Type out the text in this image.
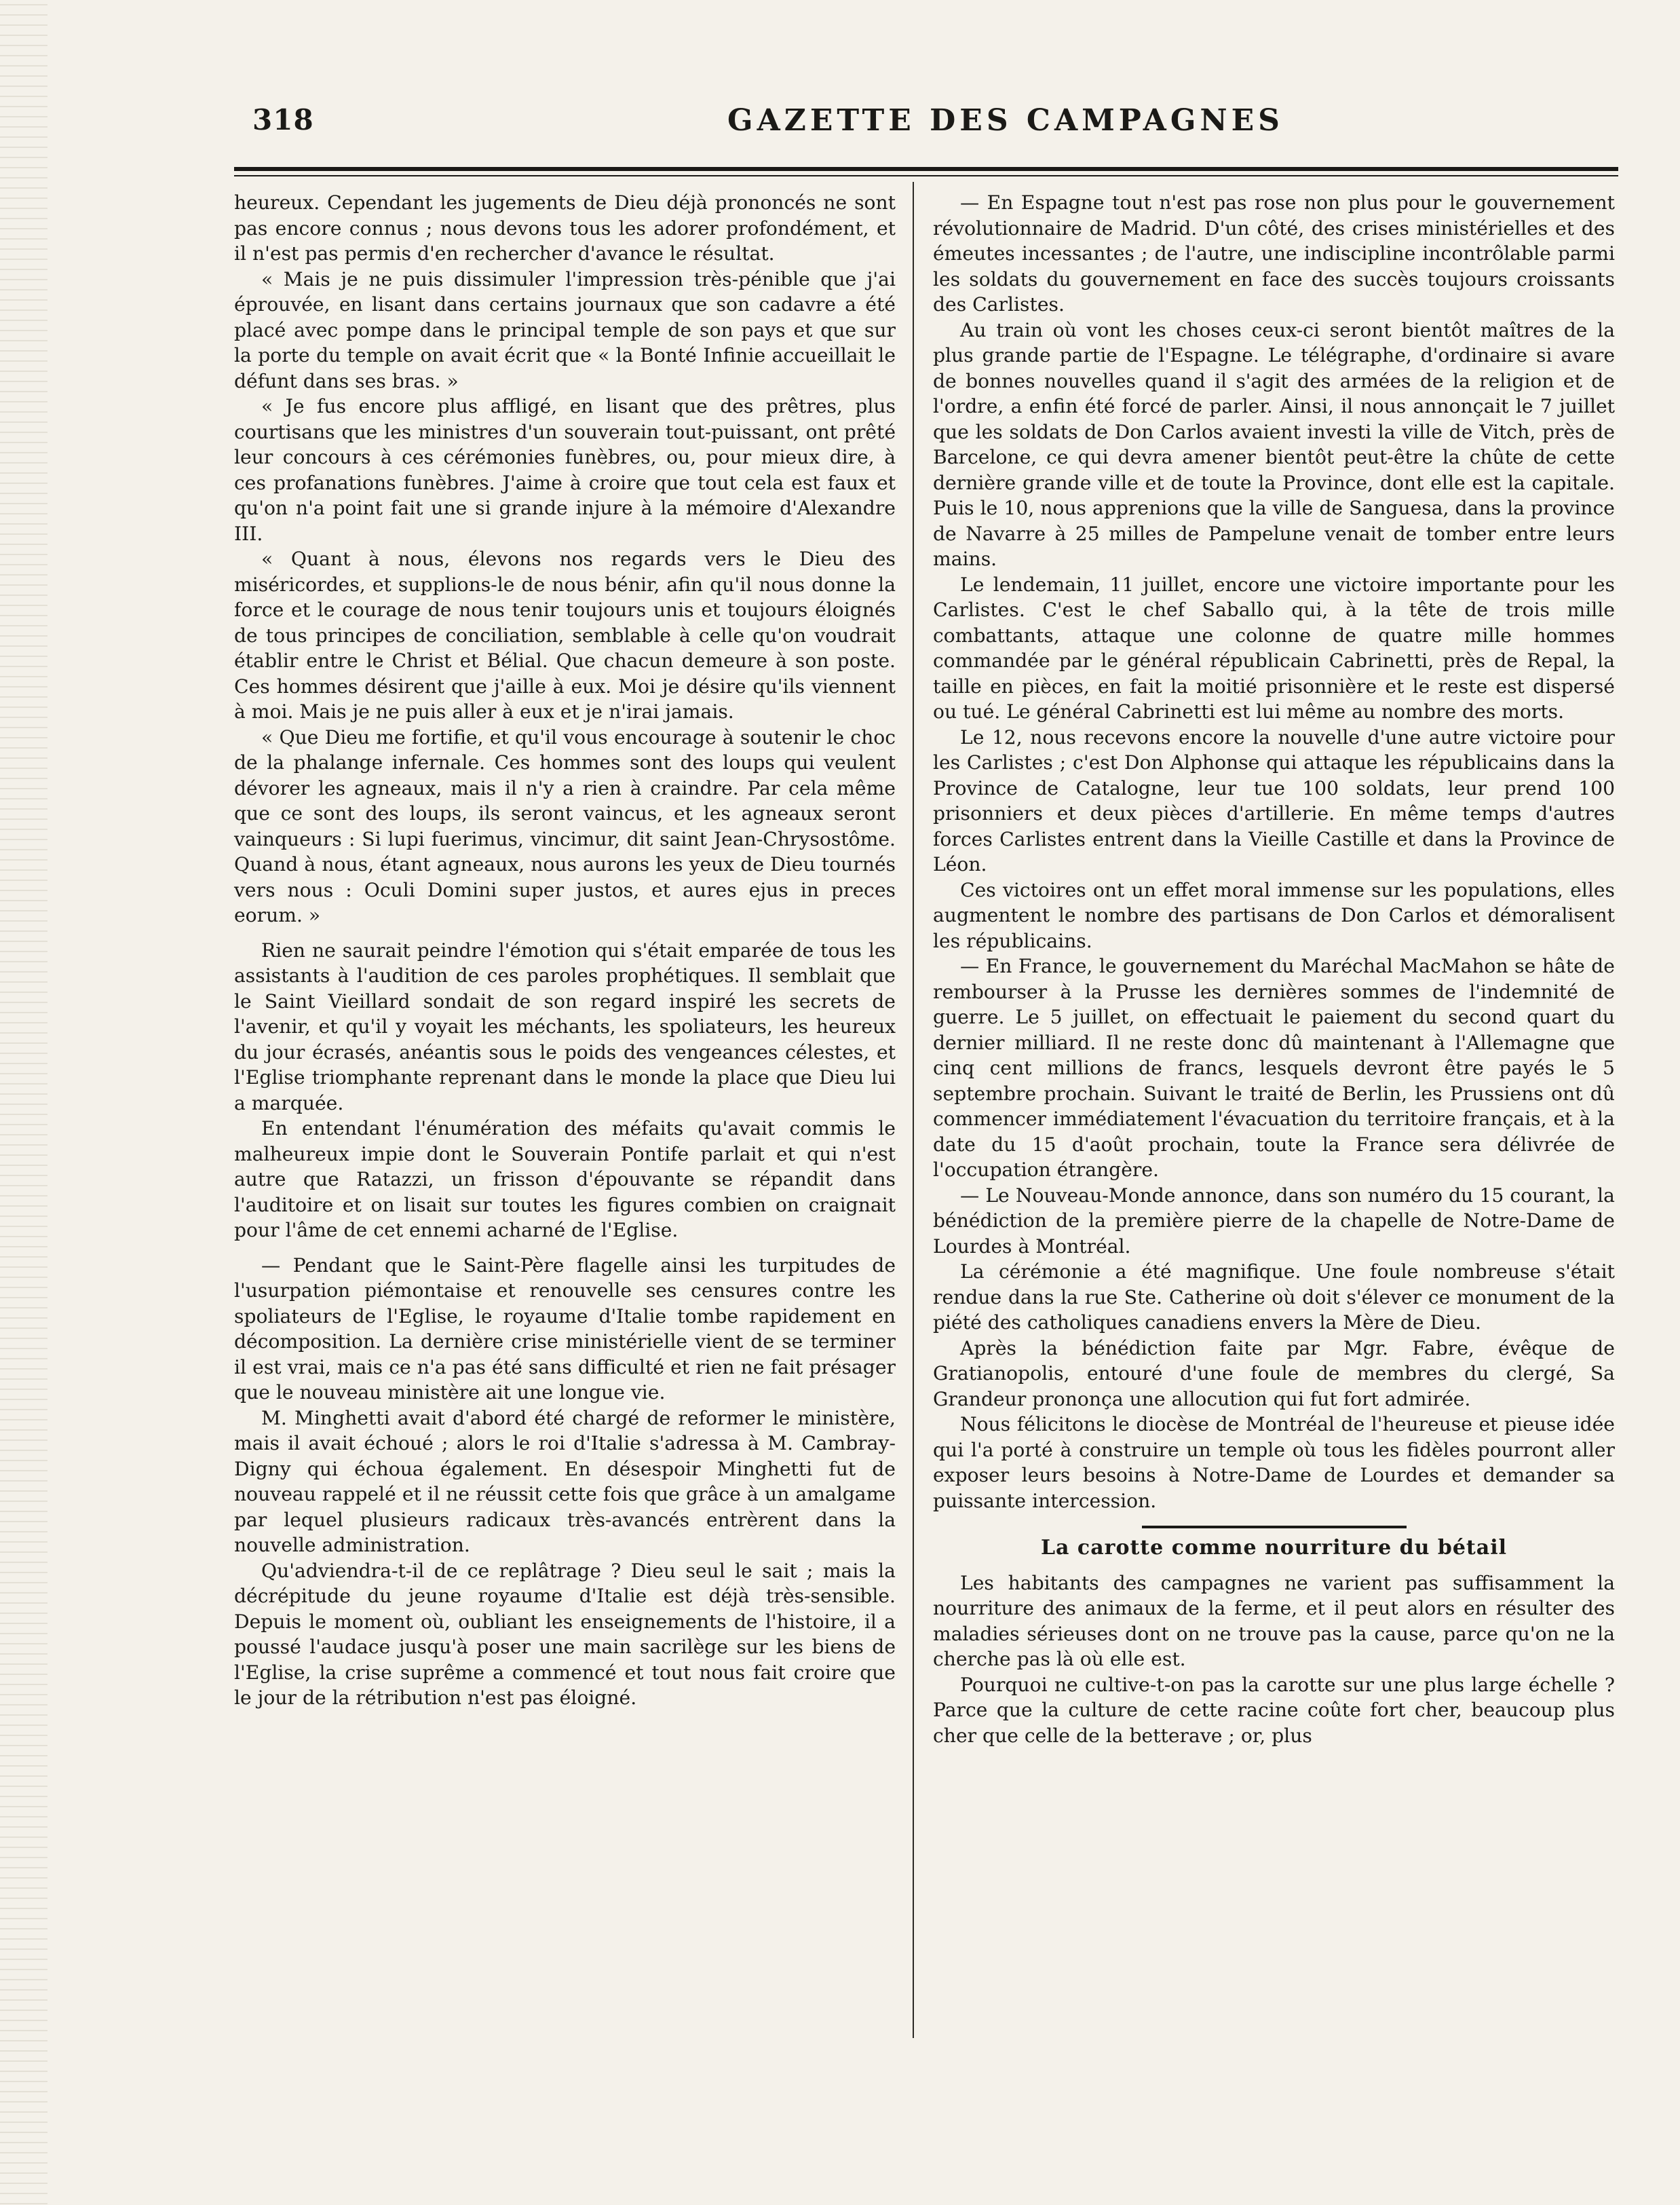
318	GAZETTE DES CAMPAGNES

heureux. Cependant les jugements de Dieu déjà prononcés ne sont pas encore connus ; nous devons tous les adorer profondément, et il n'est pas permis d'en rechercher d'avance le résultat.

« Mais je ne puis dissimuler l'impression très-pénible que j'ai éprouvée, en lisant dans certains journaux que son cadavre a été placé avec pompe dans le principal temple de son pays et que sur la porte du temple on avait écrit que « la Bonté Infinie accueillait le défunt dans ses bras. »

« Je fus encore plus affligé, en lisant que des prêtres, plus courtisans que les ministres d'un souverain tout-puissant, ont prêté leur concours à ces cérémonies funèbres, ou, pour mieux dire, à ces profanations funèbres. J'aime à croire que tout cela est faux et qu'on n'a point fait une si grande injure à la mémoire d'Alexandre III.

« Quant à nous, élevons nos regards vers le Dieu des miséricordes, et supplions-le de nous bénir, afin qu'il nous donne la force et le courage de nous tenir toujours unis et toujours éloignés de tous principes de conciliation, semblable à celle qu'on voudrait établir entre le Christ et Bélial. Que chacun demeure à son poste. Ces hommes désirent que j'aille à eux. Moi je désire qu'ils viennent à moi. Mais je ne puis aller à eux et je n'irai jamais.

« Que Dieu me fortifie, et qu'il vous encourage à soutenir le choc de la phalange infernale. Ces hommes sont des loups qui veulent dévorer les agneaux, mais il n'y a rien à craindre. Par cela même que ce sont des loups, ils seront vaincus, et les agneaux seront vainqueurs : Si lupi fuerimus, vincimur, dit saint Jean-Chrysostôme. Quand à nous, étant agneaux, nous aurons les yeux de Dieu tournés vers nous : Oculi Domini super justos, et aures ejus in preces eorum. »

Rien ne saurait peindre l'émotion qui s'était emparée de tous les assistants à l'audition de ces paroles prophétiques. Il semblait que le Saint Vieillard sondait de son regard inspiré les secrets de l'avenir, et qu'il y voyait les méchants, les spoliateurs, les heureux du jour écrasés, anéantis sous le poids des vengeances célestes, et l'Eglise triomphante reprenant dans le monde la place que Dieu lui a marquée.

En entendant l'énumération des méfaits qu'avait commis le malheureux impie dont le Souverain Pontife parlait et qui n'est autre que Ratazzi, un frisson d'épouvante se répandit dans l'auditoire et on lisait sur toutes les figures combien on craignait pour l'âme de cet ennemi acharné de l'Eglise.

— Pendant que le Saint-Père flagelle ainsi les turpitudes de l'usurpation piémontaise et renouvelle ses censures contre les spoliateurs de l'Eglise, le royaume d'Italie tombe rapidement en décomposition. La dernière crise ministérielle vient de se terminer il est vrai, mais ce n'a pas été sans difficulté et rien ne fait présager que le nouveau ministère ait une longue vie.

M. Minghetti avait d'abord été chargé de reformer le ministère, mais il avait échoué ; alors le roi d'Italie s'adressa à M. Cambray-Digny qui échoua également. En désespoir Minghetti fut de nouveau rappelé et il ne réussit cette fois que grâce à un amalgame par lequel plusieurs radicaux très-avancés entrèrent dans la nouvelle administration.

Qu'adviendra-t-il de ce replâtrage ? Dieu seul le sait ; mais la décrépitude du jeune royaume d'Italie est déjà très-sensible. Depuis le moment où, oubliant les enseignements de l'histoire, il a poussé l'audace jusqu'à poser une main sacrilège sur les biens de l'Eglise, la crise suprême a commencé et tout nous fait croire que le jour de la rétribution n'est pas éloigné.

— En Espagne tout n'est pas rose non plus pour le gouvernement révolutionnaire de Madrid. D'un côté, des crises ministérielles et des émeutes incessantes ; de l'autre, une indiscipline incontrôlable parmi les soldats du gouvernement en face des succès toujours croissants des Carlistes.

Au train où vont les choses ceux-ci seront bientôt maîtres de la plus grande partie de l'Espagne. Le télégraphe, d'ordinaire si avare de bonnes nouvelles quand il s'agit des armées de la religion et de l'ordre, a enfin été forcé de parler. Ainsi, il nous annonçait le 7 juillet que les soldats de Don Carlos avaient investi la ville de Vitch, près de Barcelone, ce qui devra amener bientôt peut-être la chûte de cette dernière grande ville et de toute la Province, dont elle est la capitale. Puis le 10, nous apprenions que la ville de Sanguesa, dans la province de Navarre à 25 milles de Pampelune venait de tomber entre leurs mains.

Le lendemain, 11 juillet, encore une victoire importante pour les Carlistes. C'est le chef Saballo qui, à la tête de trois mille combattants, attaque une colonne de quatre mille hommes commandée par le général républicain Cabrinetti, près de Repal, la taille en pièces, en fait la moitié prisonnière et le reste est dispersé ou tué. Le général Cabrinetti est lui même au nombre des morts.

Le 12, nous recevons encore la nouvelle d'une autre victoire pour les Carlistes ; c'est Don Alphonse qui attaque les républicains dans la Province de Catalogne, leur tue 100 soldats, leur prend 100 prisonniers et deux pièces d'artillerie. En même temps d'autres forces Carlistes entrent dans la Vieille Castille et dans la Province de Léon.

Ces victoires ont un effet moral immense sur les populations, elles augmentent le nombre des partisans de Don Carlos et démoralisent les républicains.

— En France, le gouvernement du Maréchal MacMahon se hâte de rembourser à la Prusse les dernières sommes de l'indemnité de guerre. Le 5 juillet, on effectuait le paiement du second quart du dernier milliard. Il ne reste donc dû maintenant à l'Allemagne que cinq cent millions de francs, lesquels devront être payés le 5 septembre prochain. Suivant le traité de Berlin, les Prussiens ont dû commencer immédiatement l'évacuation du territoire français, et à la date du 15 d'août prochain, toute la France sera délivrée de l'occupation étrangère.

— Le Nouveau-Monde annonce, dans son numéro du 15 courant, la bénédiction de la première pierre de la chapelle de Notre-Dame de Lourdes à Montréal.

La cérémonie a été magnifique. Une foule nombreuse s'était rendue dans la rue Ste. Catherine où doit s'élever ce monument de la piété des catholiques canadiens envers la Mère de Dieu.

Après la bénédiction faite par Mgr. Fabre, évêque de Gratianopolis, entouré d'une foule de membres du clergé, Sa Grandeur prononça une allocution qui fut fort admirée.

Nous félicitons le diocèse de Montréal de l'heureuse et pieuse idée qui l'a porté à construire un temple où tous les fidèles pourront aller exposer leurs besoins à Notre-Dame de Lourdes et demander sa puissante intercession.

La carotte comme nourriture du bétail

Les habitants des campagnes ne varient pas suffisamment la nourriture des animaux de la ferme, et il peut alors en résulter des maladies sérieuses dont on ne trouve pas la cause, parce qu'on ne la cherche pas là où elle est.

Pourquoi ne cultive-t-on pas la carotte sur une plus large échelle ? Parce que la culture de cette racine coûte fort cher, beaucoup plus cher que celle de la betterave ; or, plus
